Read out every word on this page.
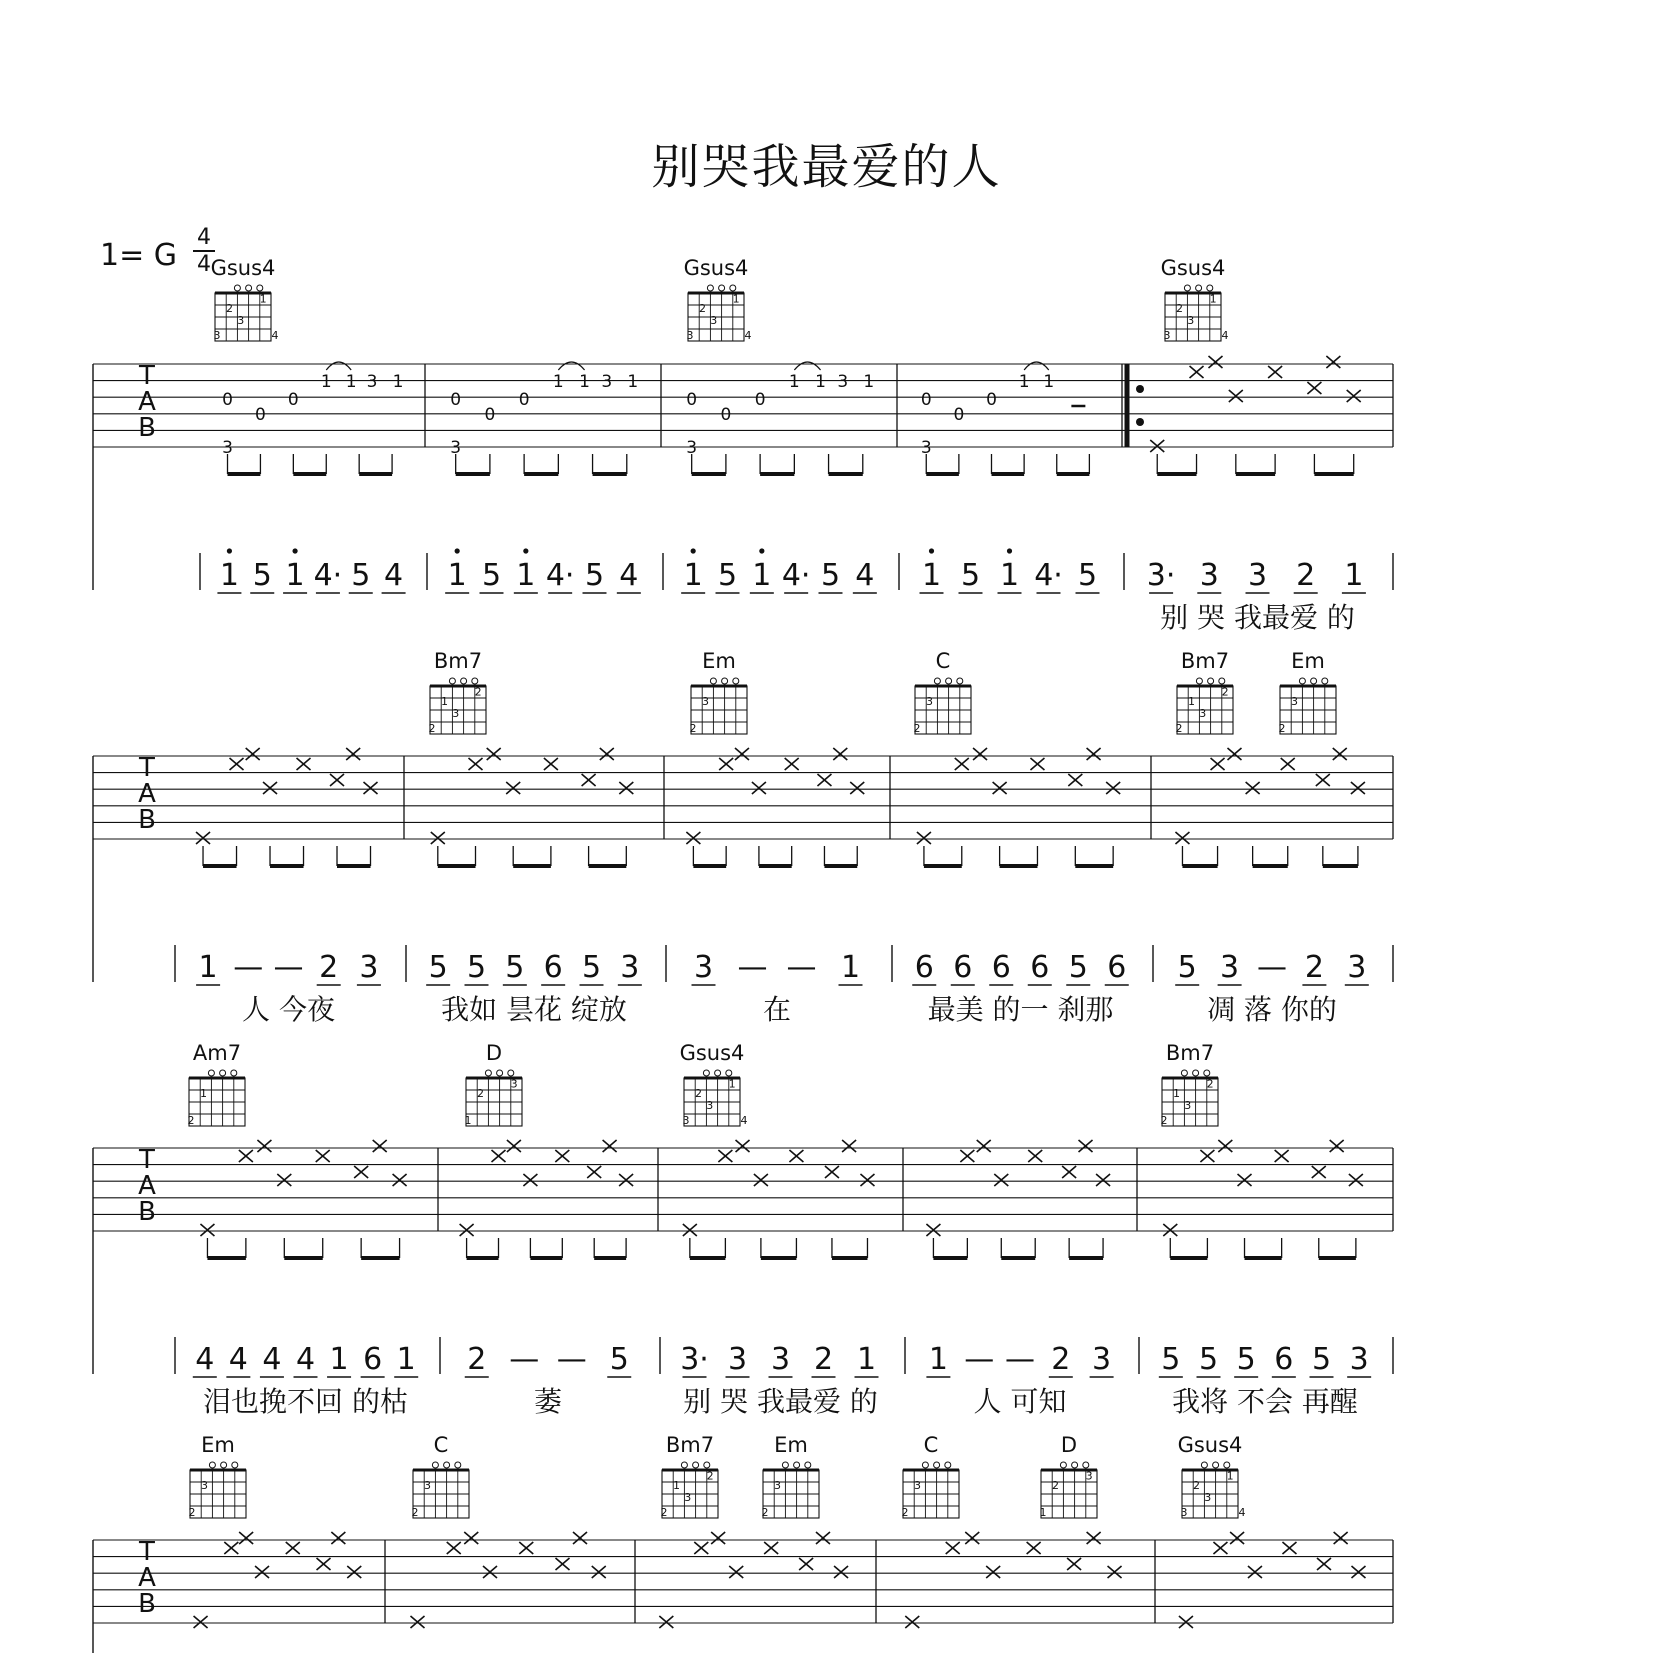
别哭我最爱的人
1= G
4
4 Gsus4
3
2
1
3
4
Gsus4
3
2
1
3
4
Gsus4
3
2
1
3
4
T
A
B
0
0
0
3
1 1 3 1
1 5 1 4· 5 4
0
0
0
3
1 1 3 1
1 5 1 4· 5 4
0
0
0
3
1 1 3 1
1 5 1 4· 5 4
0
0
0
3
1 1
1 5 1 4· 5 3· 3 3 2 1
别 哭 我最爱 的
Bm7
2
1
2
3
Em
2
3
C
2
3
Bm7
2
1
2
3
Em
2
3
T
A
B
1 — — 2 3
人 今夜
5 5 5 6 5 3
我如 昙花 绽放
3 — — 1
在
6 6 6 6 5 6
最美 的一 刹那
5 3 — 2 3
凋 落 你的
Am7
2
1
D
1
2
3
Gsus4
3
2
1
3
4
Bm7
2
1
2
3
T
A
B
4 4 4 4 1 6 1
泪也挽不回 的枯
2 — — 5
萎
3· 3 3 2 1
别 哭 我最爱 的
1 — — 2 3
人 可知
5 5 5 6 5 3
我将 不会 再醒
Em
2
3
C
2
3
Bm7
2
1
2
3
Em
2
3
C
2
3
D
1
2
3
Gsus4
3
2
1
3
4
T
A
B
